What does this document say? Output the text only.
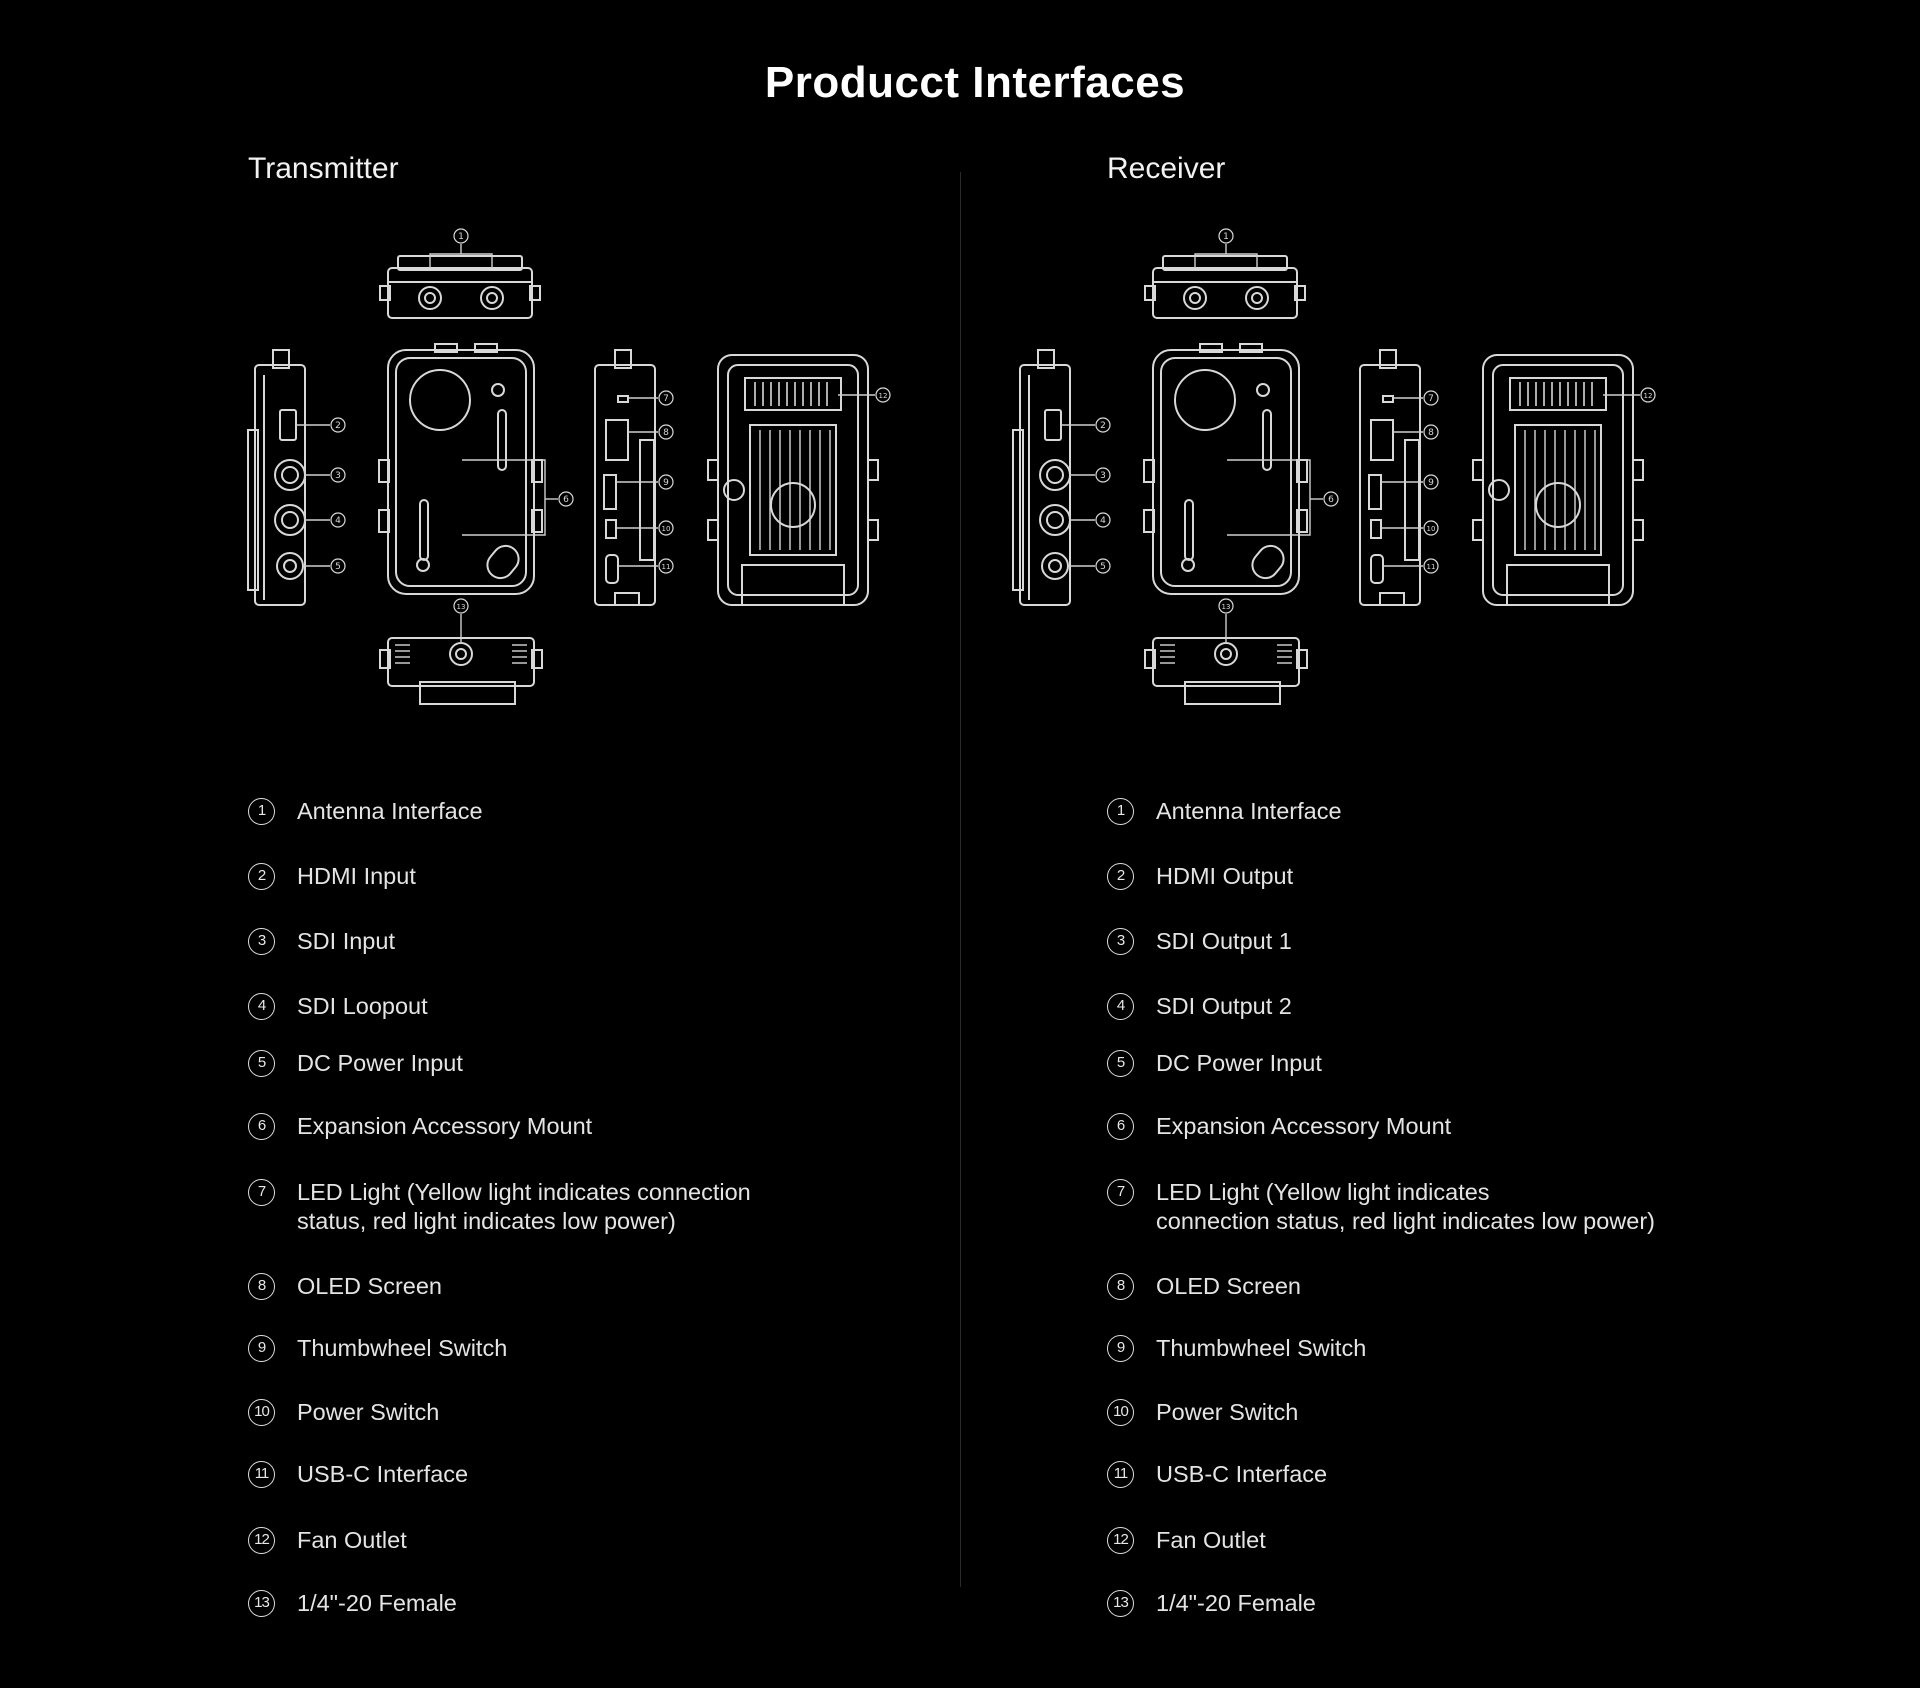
Producct Interfaces
Transmitter
1
2
3
4
5
6
7
8
9
10
11
12
13
1	Antenna Interface
2	HDMI Input
3	SDI Input
4	SDI Loopout
5	DC Power Input
6	Expansion Accessory Mount
7	LED Light (Yellow light indicates connection
status, red light indicates low power)
8	OLED Screen
9	Thumbwheel Switch
10 Power Switch
11 USB-C Interface
12 Fan Outlet
13 1/4"-20 Female
Receiver
1
2
3
4
5
6
7
8
9
10
11
12
13
1	Antenna Interface
2	HDMI Output
3	SDI Output 1
4	SDI Output 2
5	DC Power Input
6	Expansion Accessory Mount
7	LED Light (Yellow light indicates
connection status, red light indicates low power)
8	OLED Screen
9	Thumbwheel Switch
10 Power Switch
11 USB-C Interface
12 Fan Outlet
13 1/4"-20 Female
